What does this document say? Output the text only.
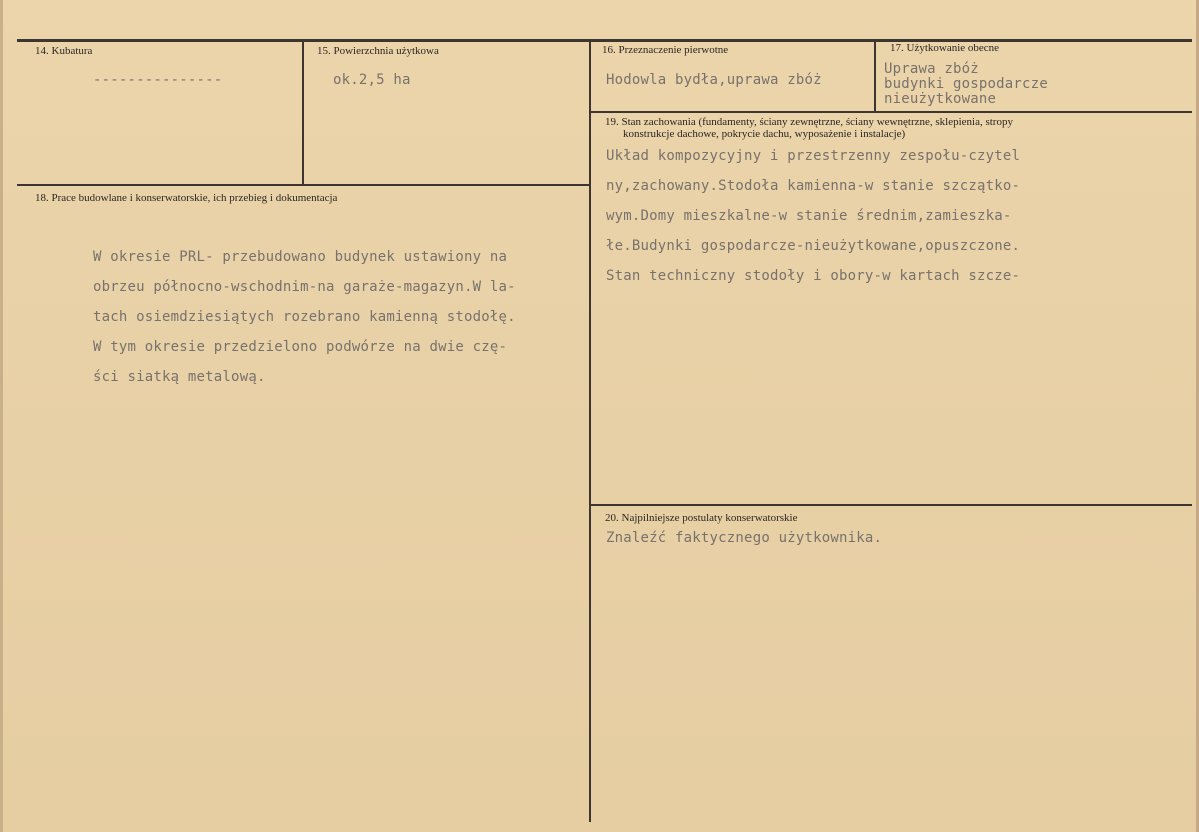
14. Kubatura
---------------
15. Powierzchnia użytkowa
ok.2,5 ha
16. Przeznaczenie pierwotne
Hodowla bydła,uprawa zbóż
17. Użytkowanie obecne
Uprawa zbóż
budynki gospodarcze
nieużytkowane
18. Prace budowlane i konserwatorskie, ich przebieg i dokumentacja
W okresie PRL- przebudowano budynek ustawiony na
obrzeu północno-wschodnim-na garaże-magazyn.W la-
tach osiemdziesiątych rozebrano kamienną stodołę.
W tym okresie przedzielono podwórze na dwie czę-
ści siatką metalową.
19. Stan zachowania (fundamenty, ściany zewnętrzne, ściany wewnętrzne, sklepienia, stropy
konstrukcje dachowe, pokrycie dachu, wyposażenie i instalacje)
Układ kompozycyjny i przestrzenny zespołu-czytel
ny,zachowany.Stodoła kamienna-w stanie szczątko-
wym.Domy mieszkalne-w stanie średnim,zamieszka-
łe.Budynki gospodarcze-nieużytkowane,opuszczone.
Stan techniczny stodoły i obory-w kartach szcze-
20. Najpilniejsze postulaty konserwatorskie
Znaleźć faktycznego użytkownika.
